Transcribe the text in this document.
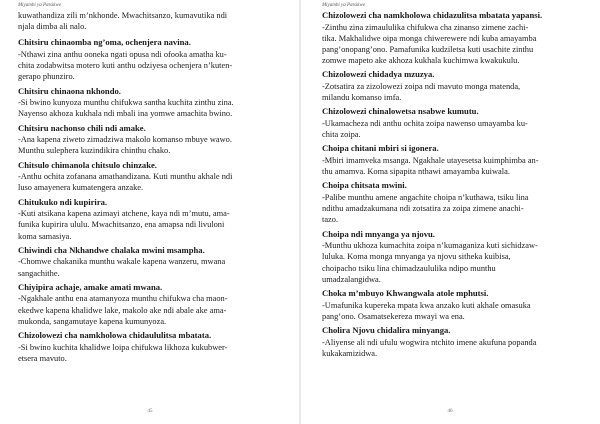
Miyambi ya Patsikwe

kuwathandiza zili m’nkhonde. Mwachitsanzo, kumavutika ndi
njala dimba ali nalo.

Chitsiru chinaomba ng’oma, ochenjera navina.

-Nthawi zina anthu ooneka ngati opusa ndi ofooka amatha ku-
chita zodabwitsa motero kuti anthu odziyesa ochenjera n’kuten-
gerapo phunziro.

Chitsiru chinaona nkhondo.

-Si bwino kunyoza munthu chifukwa santha kuchita zinthu zina.
Nayenso akhoza kukhala ndi mbali ina yomwe amachita bwino.

Chitsiru nachonso chili ndi amake.

-Ana kapena ziweto zimadziwa makolo komanso mbuye wawo.
Munthu sulephera kuzindikira chinthu chako.

Chitsulo chimanola chitsulo chinzake.

-Anthu ochita zofanana amathandizana. Kuti munthu akhale ndi
luso amayenera kumatengera anzake.

Chitukuko ndi kupirira.

-Kuti atsikana kapena azimayi atchene, kaya ndi m’mutu, ama-
funika kupirira ululu. Mwachitsanzo, ena amapsa ndi livuloni
koma samasiya.

Chiwindi cha Nkhandwe chalaka mwini msampha.

-Chomwe chakanika munthu wakale kapena wanzeru, mwana
sangachithe.

Chiyipira achaje, amake amati mwana.

-Ngakhale anthu ena atamanyoza munthu chifukwa cha maon-
ekedwe kapena khalidwe lake, makolo ake ndi abale ake ama-
mukonda, sangamutaye kapena kumunyoza.

Chizolowezi cha namkholowa chidaululitsa mbatata.

-Si bwino kuchita khalidwe loipa chifukwa likhoza kukubwer-
etsera mavuto.

45
Miyambi ya Patsikwe

Chizolowezi cha namkholowa chidazulitsa mbatata yapansi.

-Zinthu zina zimaululika chifukwa cha zinanso zimene zachi-
tika. Makhalidwe oipa monga chiwerewere ndi kuba amayamba
pang’onopang’ono. Pamafunika kudziletsa kuti usachite zinthu
zomwe mapeto ake akhoza kukhala kuchimwa kwakukulu.

Chizolowezi chidadya mzuzya.

-Zotsatira za zizolowezi zoipa ndi mavuto monga matenda,
milandu komanso imfa.

Chizolowezi chinalowetsa nsabwe kumutu.

-Ukamacheza ndi anthu ochita zoipa nawenso umayamba ku-
chita zoipa.

Choipa chitani mbiri si igonera.

-Mbiri imamveka msanga. Ngakhale utayesetsa kuimphimba an-
thu amamva. Koma sipapita nthawi amayamba kuiwala.

Choipa chitsata mwini.

-Palibe munthu amene angachite choipa n’kuthawa, tsiku lina
ndithu amadzakumana ndi zotsatira za zoipa zimene anachi-
tazo.

Choipa ndi mnyanga ya njovu.

-Munthu ukhoza kumachita zoipa n’kumaganiza kuti sichidzaw-
luluka. Koma monga mnyanga ya njovu sitheka kuibisa,
choipacho tsiku lina chimadzaululika ndipo munthu
umadzalangidwa.

Choka m’mbuyo Khwangwala atole mphutsi.

-Umafunika kupereka mpata kwa anzako kuti akhale omasuka
pang’ono. Osamatsekereza mwayi wa ena.

Cholira Njovu chidalira minyanga.

-Aliyense ali ndi ufulu wogwira ntchito imene akufuna popanda
kukakamizidwa.

46
